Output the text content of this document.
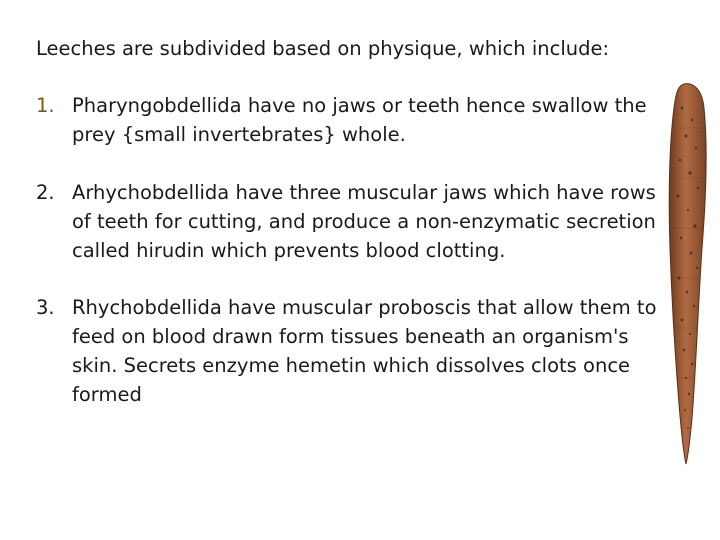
Leeches are subdivided based on physique, which include:
1. Pharyngobdellida have no jaws or teeth hence swallow the prey {small invertebrates} whole.
2. Arhychobdellida have three muscular jaws which have rows of teeth for cutting, and produce a non-enzymatic secretion called hirudin which prevents blood clotting.
3. Rhychobdellida have muscular proboscis that allow them to feed on blood drawn form tissues beneath an organism's skin. Secrets enzyme hemetin which dissolves clots once formed
